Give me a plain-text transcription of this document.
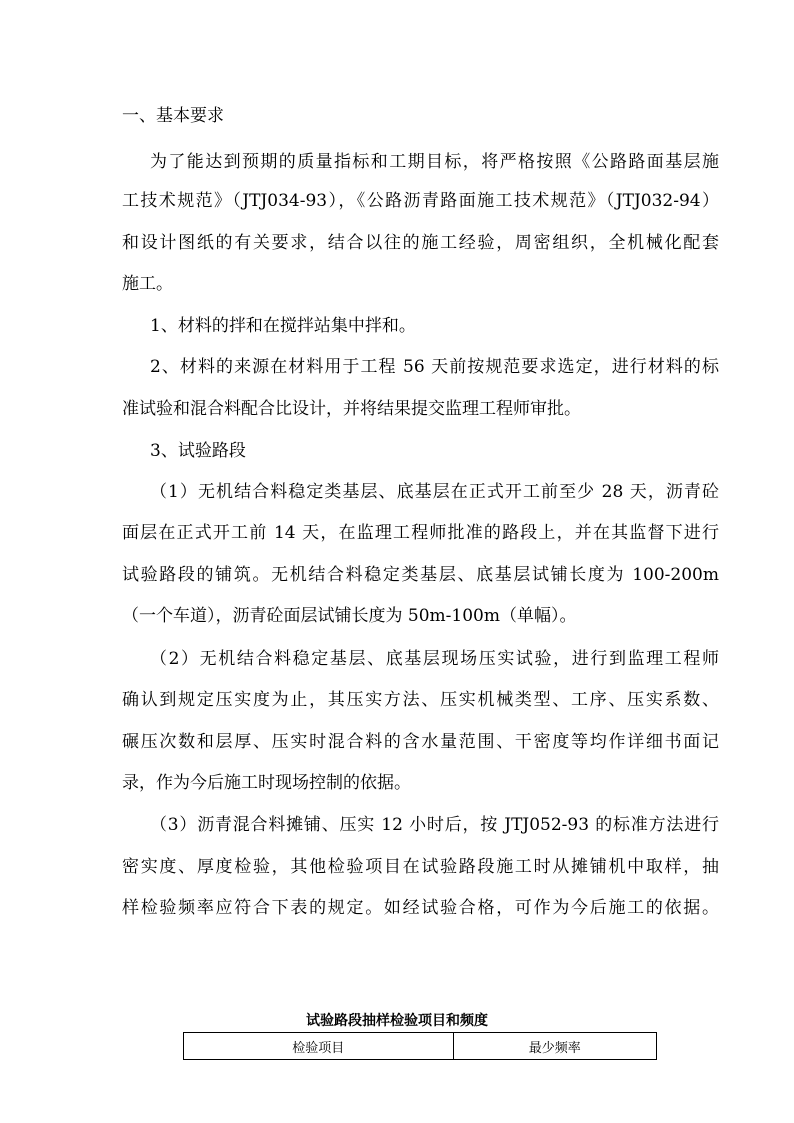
一、基本要求
为了能达到预期的质量指标和工期目标，将严格按照《公路路面基层施
工技术规范》（JTJ034-93），《公路沥青路面施工技术规范》（JTJ032-94）
和设计图纸的有关要求，结合以往的施工经验，周密组织，全机械化配套
施工。
1、材料的拌和在搅拌站集中拌和。
2、材料的来源在材料用于工程 56 天前按规范要求选定，进行材料的标
准试验和混合料配合比设计，并将结果提交监理工程师审批。
3、试验路段
（1）无机结合料稳定类基层、底基层在正式开工前至少 28 天，沥青砼
面层在正式开工前 14 天，在监理工程师批准的路段上，并在其监督下进行
试验路段的铺筑。无机结合料稳定类基层、底基层试铺长度为 100-200m
（一个车道），沥青砼面层试铺长度为 50m-100m（单幅）。
（2）无机结合料稳定基层、底基层现场压实试验，进行到监理工程师
确认到规定压实度为止，其压实方法、压实机械类型、工序、压实系数、
碾压次数和层厚、压实时混合料的含水量范围、干密度等均作详细书面记
录，作为今后施工时现场控制的依据。
（3）沥青混合料摊铺、压实 12 小时后，按 JTJ052-93 的标准方法进行
密实度、厚度检验，其他检验项目在试验路段施工时从摊铺机中取样，抽
样检验频率应符合下表的规定。如经试验合格，可作为今后施工的依据。
试验路段抽样检验项目和频度
检验项目	最少频率
